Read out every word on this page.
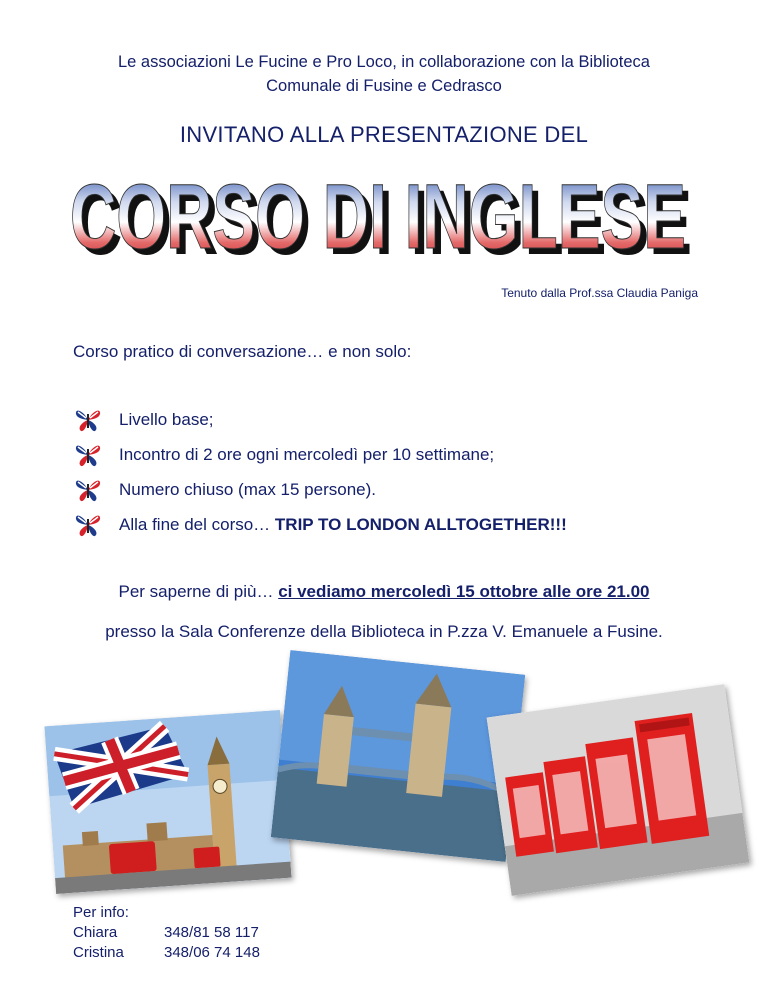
Le associazioni Le Fucine e Pro Loco, in collaborazione con la Biblioteca
Comunale di Fusine e Cedrasco
INVITANO ALLA PRESENTAZIONE DEL
CORSO DI INGLESE
CORSO DI INGLESE
Tenuto dalla Prof.ssa Claudia Paniga
Corso pratico di conversazione… e non solo:
Livello base;
Incontro di 2 ore ogni mercoledì per 10 settimane;
Numero chiuso (max 15 persone).
Alla fine del corso… TRIP TO LONDON ALLTOGETHER!!!
Per saperne di più… ci vediamo mercoledì 15 ottobre alle ore 21.00
presso la Sala Conferenze della Biblioteca in P.zza V. Emanuele a Fusine.
Per info:
Chiara	348/81 58 117
Cristina	348/06 74 148
